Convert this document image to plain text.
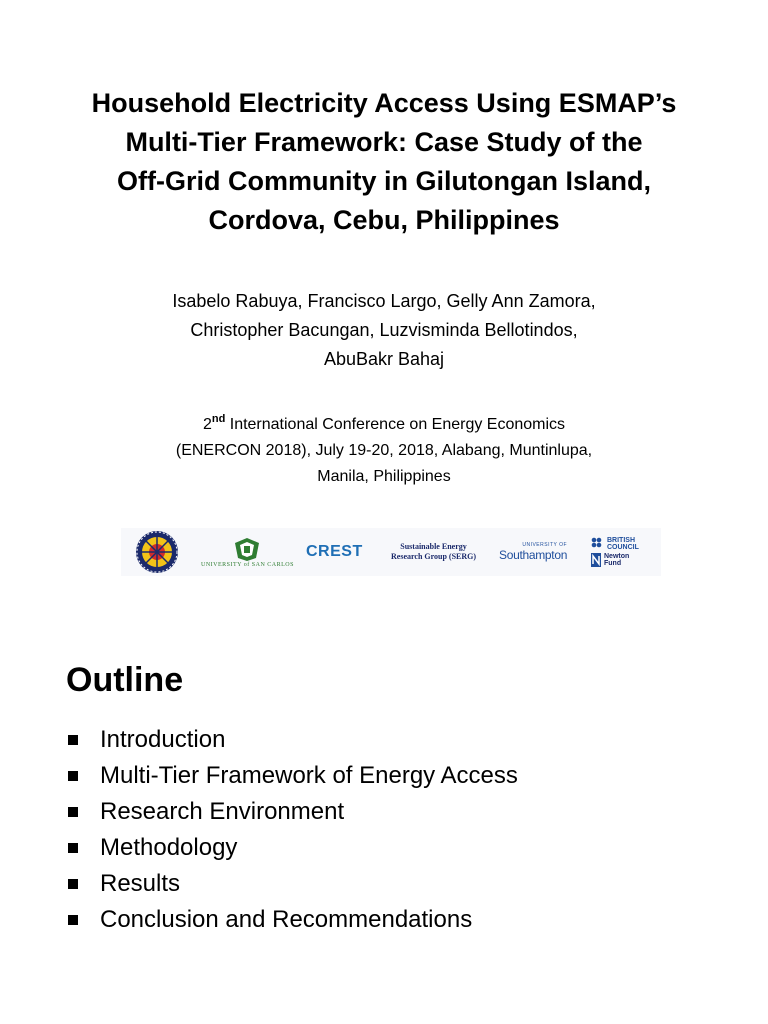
Household Electricity Access Using ESMAP’s
Multi-Tier Framework: Case Study of the
Off-Grid Community in Gilutongan Island,
Cordova, Cebu, Philippines
Isabelo Rabuya, Francisco Largo, Gelly Ann Zamora,
Christopher Bacungan, Luzvisminda Bellotindos,
AbuBakr Bahaj
2nd International Conference on Energy Economics
(ENERCON 2018), July 19-20, 2018, Alabang, Muntinlupa,
Manila, Philippines
UNIVERSITY of SAN CARLOS
CREST	Sustainable Energy
Research Group (SERG)
UNIVERSITY OF
Southampton
BRITISH
COUNCIL
Newton
Fund
Outline
Introduction
Multi-Tier Framework of Energy Access
Research Environment
Methodology
Results
Conclusion and Recommendations
